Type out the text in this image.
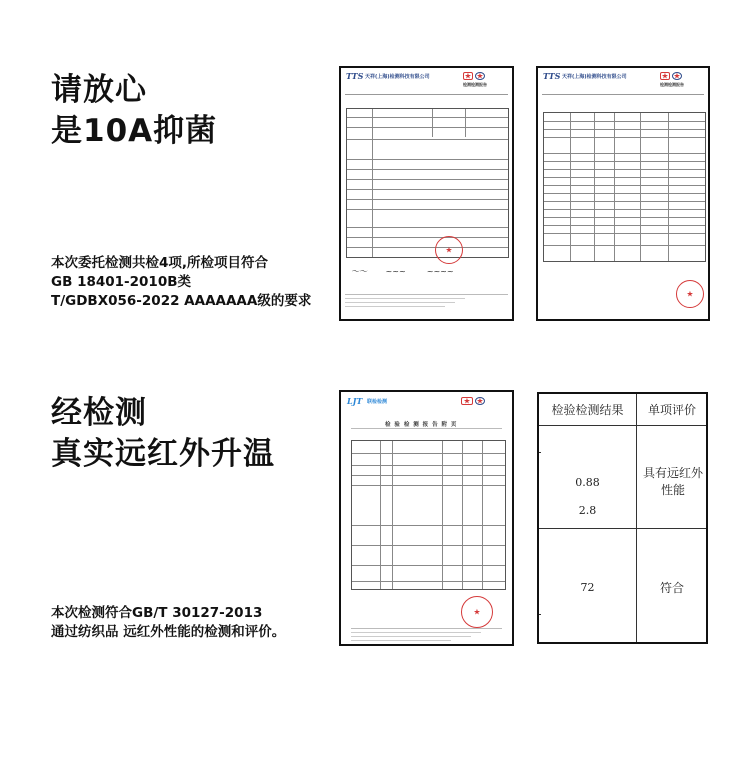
请放心
是10A抑菌
本次委托检测共检4项,所检项目符合
GB 18401-2010B类
T/GDBX056-2022 AAAAAAA级的要求
经检测
真实远红外升温
本次检测符合GB/T 30127-2013
通过纺织品 远红外性能的检测和评价。
TTS 天祥(上海)检测科技有限公司
★
★
检测检测报告
★
〜〜　　 ~~~ 　　 ~~~~
TTS 天祥(上海)检测科技有限公司
★
★
检测检测报告
★
LJT 联检检测
★
★
检 验 检 测 报 告 附 页
★
检验检测结果	单项评价
0.88
2.8
具有远红外性能
72	符合
